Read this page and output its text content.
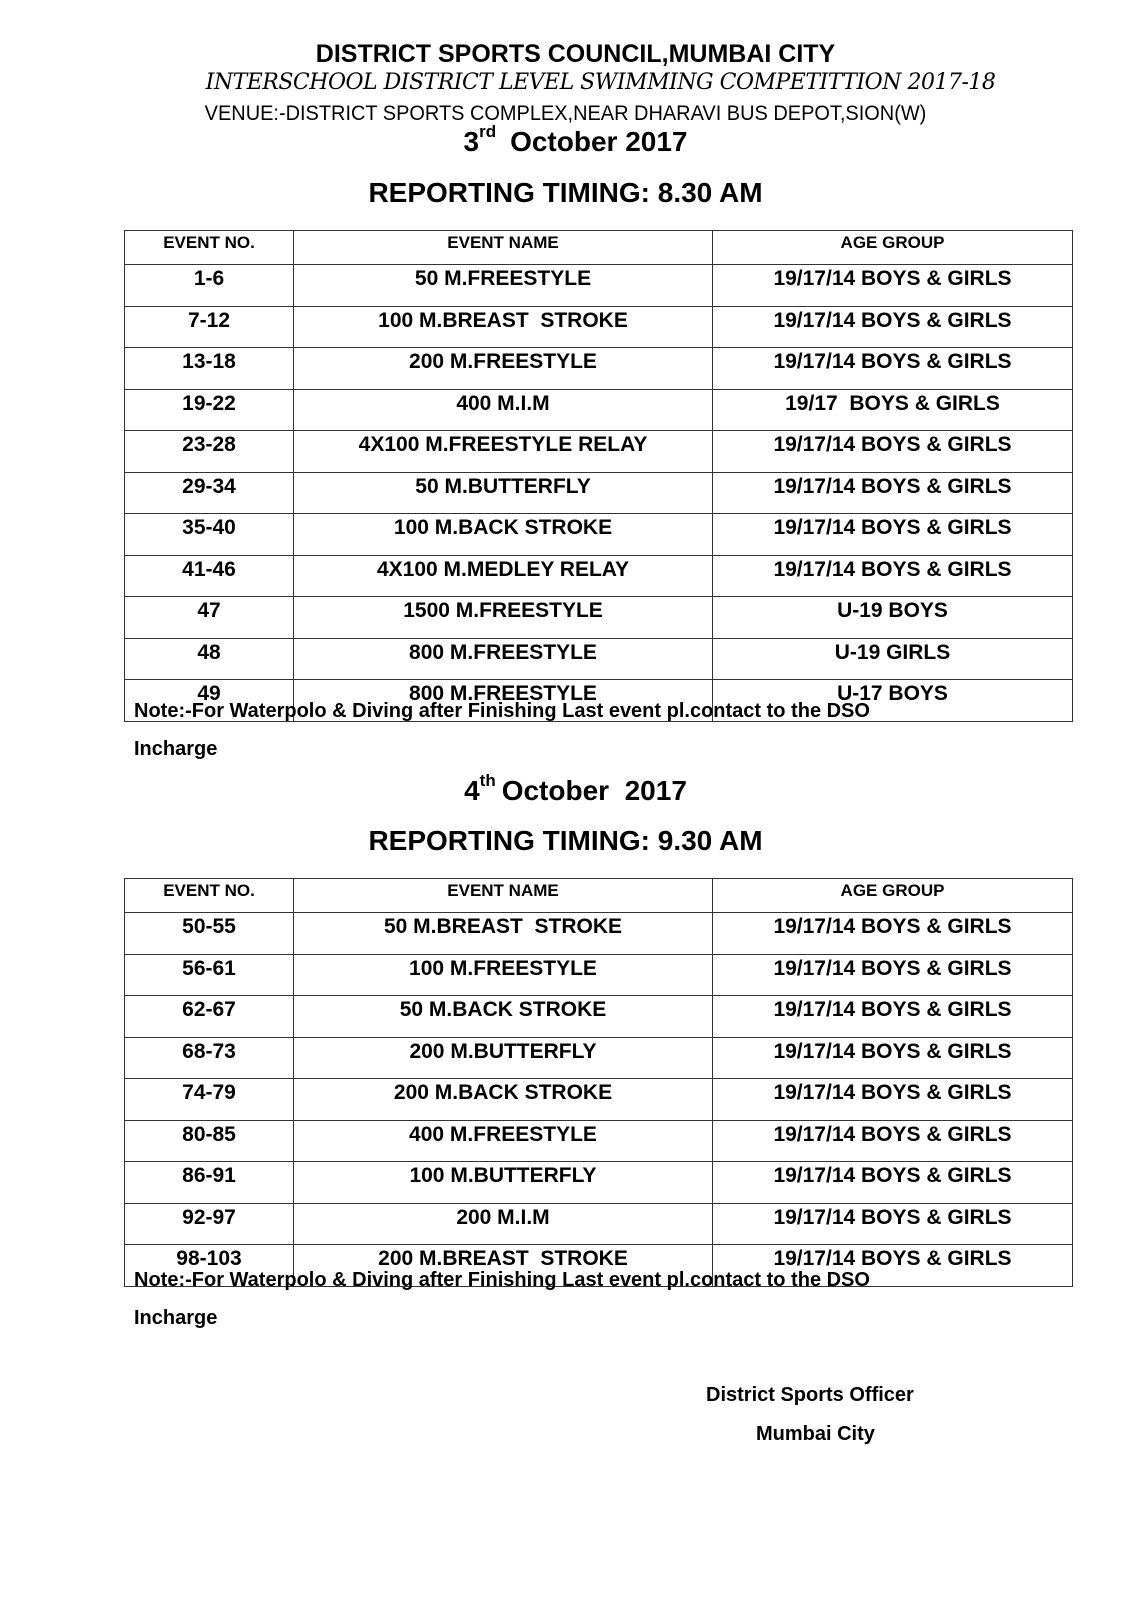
DISTRICT SPORTS COUNCIL,MUMBAI CITY
INTERSCHOOL DISTRICT LEVEL SWIMMING COMPETITTION 2017-18
VENUE:-DISTRICT SPORTS COMPLEX,NEAR DHARAVI BUS DEPOT,SION(W)
3rd October 2017
REPORTING TIMING: 8.30 AM
EVENT NO.	EVENT NAME	AGE GROUP
1-6	50 M.FREESTYLE	19/17/14 BOYS & GIRLS
7-12	100 M.BREAST  STROKE	19/17/14 BOYS & GIRLS
13-18	200 M.FREESTYLE	19/17/14 BOYS & GIRLS
19-22	400 M.I.M	19/17  BOYS & GIRLS
23-28	4X100 M.FREESTYLE RELAY	19/17/14 BOYS & GIRLS
29-34	50 M.BUTTERFLY	19/17/14 BOYS & GIRLS
35-40	100 M.BACK STROKE	19/17/14 BOYS & GIRLS
41-46	4X100 M.MEDLEY RELAY	19/17/14 BOYS & GIRLS
47	1500 M.FREESTYLE	U-19 BOYS
48	800 M.FREESTYLE	U-19 GIRLS
49	800 M.FREESTYLE	U-17 BOYS
Note:-For Waterpolo & Diving after Finishing Last event pl.contact to the DSO
Incharge
4th October  2017
REPORTING TIMING: 9.30 AM
EVENT NO.	EVENT NAME	AGE GROUP
50-55	50 M.BREAST  STROKE	19/17/14 BOYS & GIRLS
56-61	100 M.FREESTYLE	19/17/14 BOYS & GIRLS
62-67	50 M.BACK STROKE	19/17/14 BOYS & GIRLS
68-73	200 M.BUTTERFLY	19/17/14 BOYS & GIRLS
74-79	200 M.BACK STROKE	19/17/14 BOYS & GIRLS
80-85	400 M.FREESTYLE	19/17/14 BOYS & GIRLS
86-91	100 M.BUTTERFLY	19/17/14 BOYS & GIRLS
92-97	200 M.I.M	19/17/14 BOYS & GIRLS
98-103	200 M.BREAST  STROKE	19/17/14 BOYS & GIRLS
Note:-For Waterpolo & Diving after Finishing Last event pl.contact to the DSO
Incharge
District Sports Officer
Mumbai City
